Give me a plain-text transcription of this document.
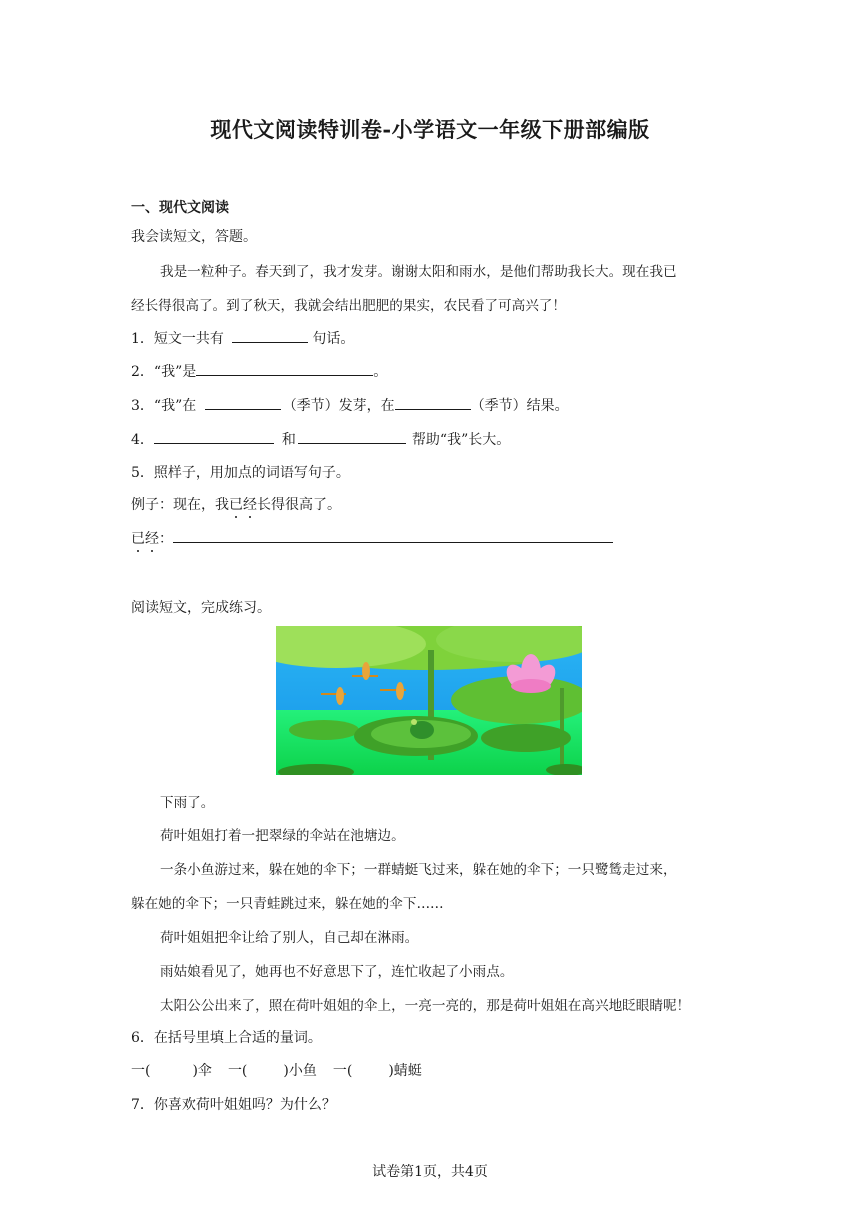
现代文阅读特训卷-小学语文一年级下册部编版
一、现代文阅读
我会读短文，答题。
我是一粒种子。春天到了，我才发芽。谢谢太阳和雨水，是他们帮助我长大。现在我已
经长得很高了。到了秋天，我就会结出肥肥的果实，农民看了可高兴了！
1．短文一共有	句话。
2．“我”是	。
3．“我”在	（季节）发芽，在	（季节）结果。
4．	和	帮助“我”长大。
5．照样子，用加点的词语写句子。
例子：现在，我已经长得很高了。
已经：
阅读短文，完成练习。
下雨了。
荷叶姐姐打着一把翠绿的伞站在池塘边。
一条小鱼游过来，躲在她的伞下；一群蜻蜓飞过来，躲在她的伞下；一只鹭鸶走过来，
躲在她的伞下；一只青蛙跳过来，躲在她的伞下……
荷叶姐姐把伞让给了别人，自己却在淋雨。
雨姑娘看见了，她再也不好意思下了，连忙收起了小雨点。
太阳公公出来了，照在荷叶姐姐的伞上，一亮一亮的，那是荷叶姐姐在高兴地眨眼睛呢！
6．在括号里填上合适的量词。
一(	)伞 一(	)小鱼 一(	)蜻蜓
7．你喜欢荷叶姐姐吗？为什么？
试卷第1页，共4页
